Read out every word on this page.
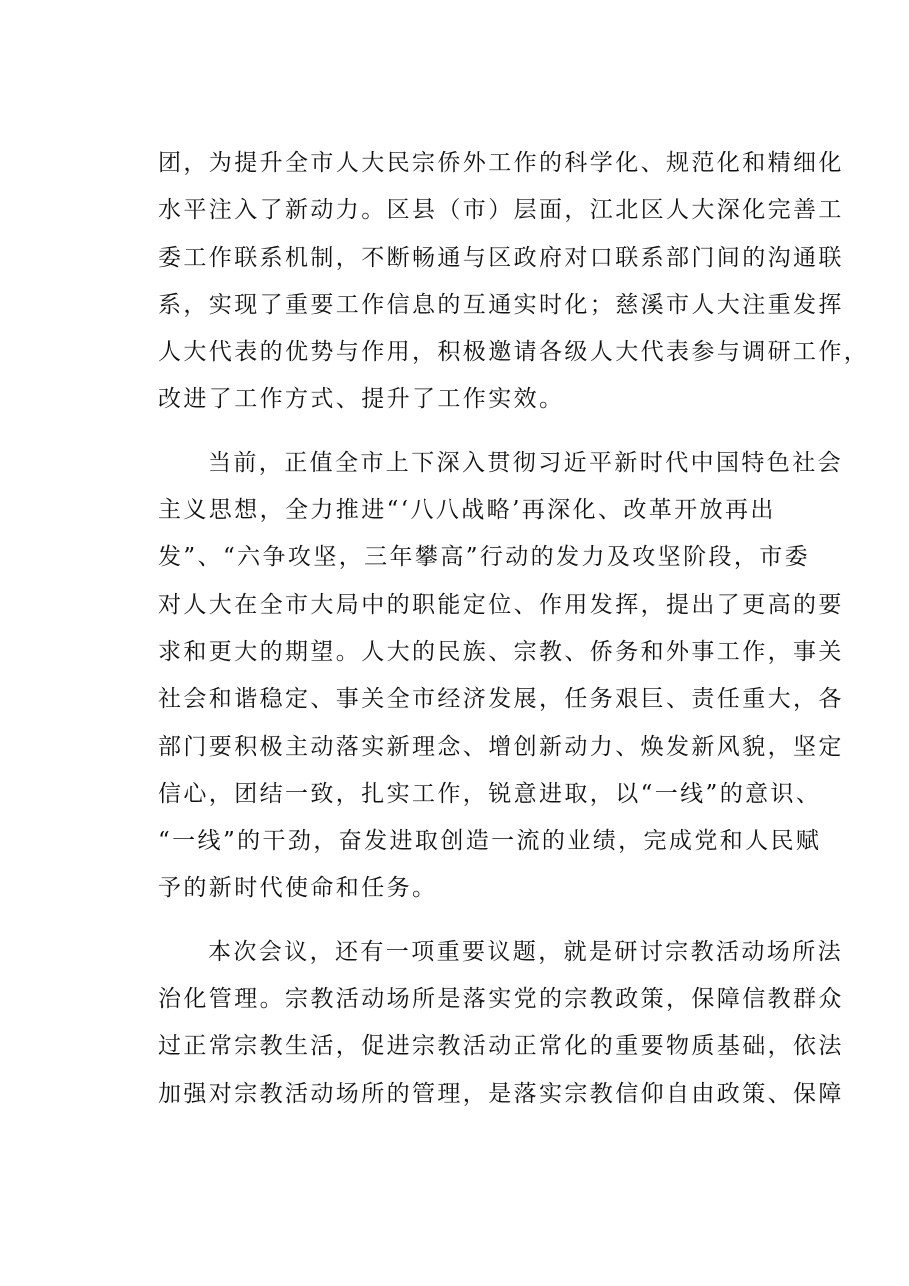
团，为提升全市人大民宗侨外工作的科学化、规范化和精细化
水平注入了新动力。区县（市）层面，江北区人大深化完善工
委工作联系机制，不断畅通与区政府对口联系部门间的沟通联
系，实现了重要工作信息的互通实时化；慈溪市人大注重发挥
人大代表的优势与作用，积极邀请各级人大代表参与调研工作，
改进了工作方式、提升了工作实效。
当前，正值全市上下深入贯彻习近平新时代中国特色社会
主义思想，全力推进“‘八八战略’再深化、改革开放再出
发”、“六争攻坚，三年攀高”行动的发力及攻坚阶段，市委
对人大在全市大局中的职能定位、作用发挥，提出了更高的要
求和更大的期望。人大的民族、宗教、侨务和外事工作，事关
社会和谐稳定、事关全市经济发展，任务艰巨、责任重大，各
部门要积极主动落实新理念、增创新动力、焕发新风貌，坚定
信心，团结一致，扎实工作，锐意进取，以“一线”的意识、
“一线”的干劲，奋发进取创造一流的业绩，完成党和人民赋
予的新时代使命和任务。
本次会议，还有一项重要议题，就是研讨宗教活动场所法
治化管理。宗教活动场所是落实党的宗教政策，保障信教群众
过正常宗教生活，促进宗教活动正常化的重要物质基础，依法
加强对宗教活动场所的管理，是落实宗教信仰自由政策、保障
